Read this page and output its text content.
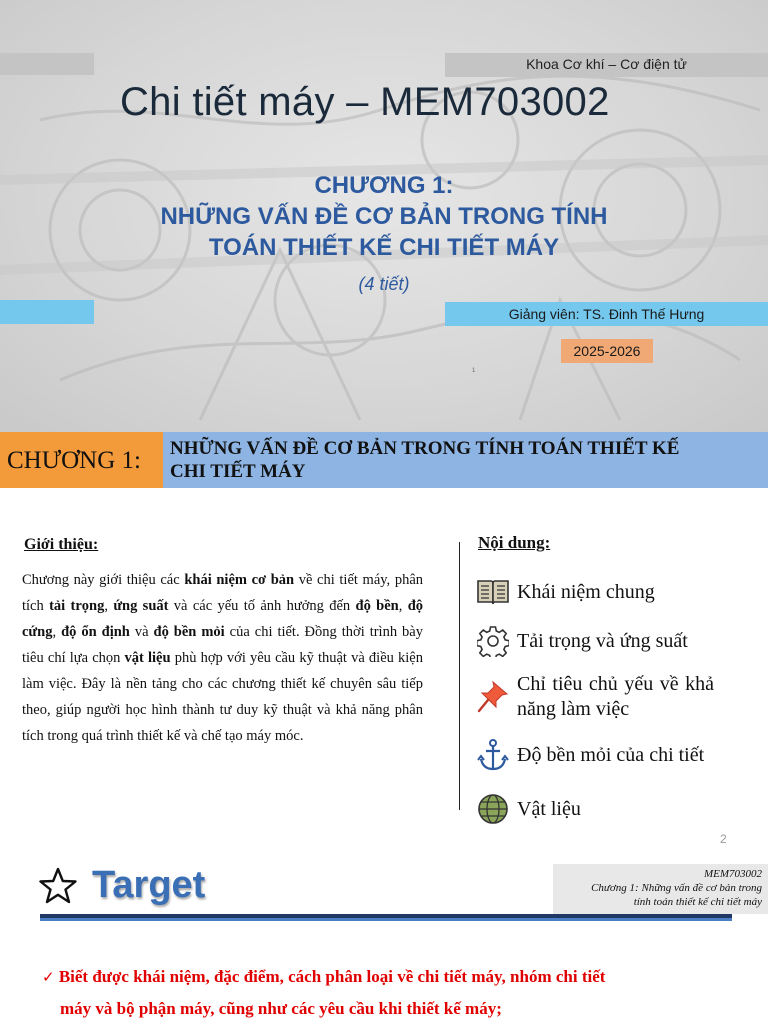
Khoa Cơ khí – Cơ điện tử
Chi tiết máy – MEM703002
CHƯƠNG 1:
NHỮNG VẤN ĐỀ CƠ BẢN TRONG TÍNH
TOÁN THIẾT KẾ CHI TIẾT MÁY
(4 tiết)
Giảng viên: TS. Đinh Thế Hưng
2025-2026
1
CHƯƠNG 1:	NHỮNG VẤN ĐỀ CƠ BẢN TRONG TÍNH TOÁN THIẾT KẾ
CHI TIẾT MÁY
Giới thiệu:
Chương này giới thiệu các khái niệm cơ bản về chi tiết máy, phân tích tải trọng, ứng suất và các yếu tố ảnh hưởng đến độ bền, độ cứng, độ ổn định và độ bền mỏi của chi tiết. Đồng thời trình bày tiêu chí lựa chọn vật liệu phù hợp với yêu cầu kỹ thuật và điều kiện làm việc. Đây là nền tảng cho các chương thiết kế chuyên sâu tiếp theo, giúp người học hình thành tư duy kỹ thuật và khả năng phân tích trong quá trình thiết kế và chế tạo máy móc.
Nội dung:
Khái niệm chung
Tải trọng và ứng suất
Chỉ tiêu chủ yếu về khả năng làm việc
Độ bền mỏi của chi tiết
Vật liệu
2
Target	MEM703002
Chương 1: Những vấn đề cơ bản trong
tính toán thiết kế chi tiết máy
✓ Biết được khái niệm, đặc điểm, cách phân loại về chi tiết máy, nhóm chi tiết
máy và bộ phận máy, cũng như các yêu cầu khi thiết kế máy;
